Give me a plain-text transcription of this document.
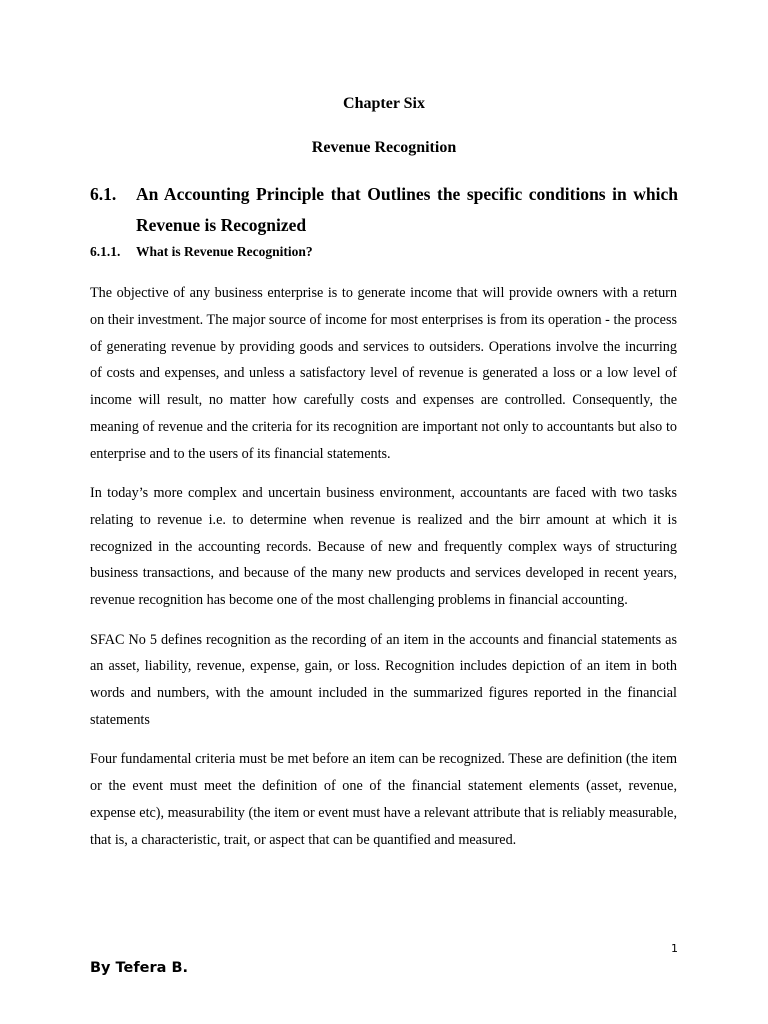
Chapter Six
Revenue Recognition
6.1. An Accounting Principle that Outlines the specific conditions in which Revenue is Recognized
6.1.1. What is Revenue Recognition?

The objective of any business enterprise is to generate income that will provide owners with a return on their investment. The major source of income for most enterprises is from its operation - the process of generating revenue by providing goods and services to outsiders. Operations involve the incurring of costs and expenses, and unless a satisfactory level of revenue is generated a loss or a low level of income will result, no matter how carefully costs and expenses are controlled. Consequently, the meaning of revenue and the criteria for its recognition are important not only to accountants but also to enterprise and to the users of its financial statements.

In today’s more complex and uncertain business environment, accountants are faced with two tasks relating to revenue i.e. to determine when revenue is realized and the birr amount at which it is recognized in the accounting records. Because of new and frequently complex ways of structuring business transactions, and because of the many new products and services developed in recent years, revenue recognition has become one of the most challenging problems in financial accounting.

SFAC No 5 defines recognition as the recording of an item in the accounts and financial statements as an asset, liability, revenue, expense, gain, or loss. Recognition includes depiction of an item in both words and numbers, with the amount included in the summarized figures reported in the financial statements

Four fundamental criteria must be met before an item can be recognized. These are definition (the item or the event must meet the definition of one of the financial statement elements (asset, revenue, expense etc), measurability (the item or event must have a relevant attribute that is reliably measurable, that is, a characteristic, trait, or aspect that can be quantified and measured.

1
By Tefera B.
